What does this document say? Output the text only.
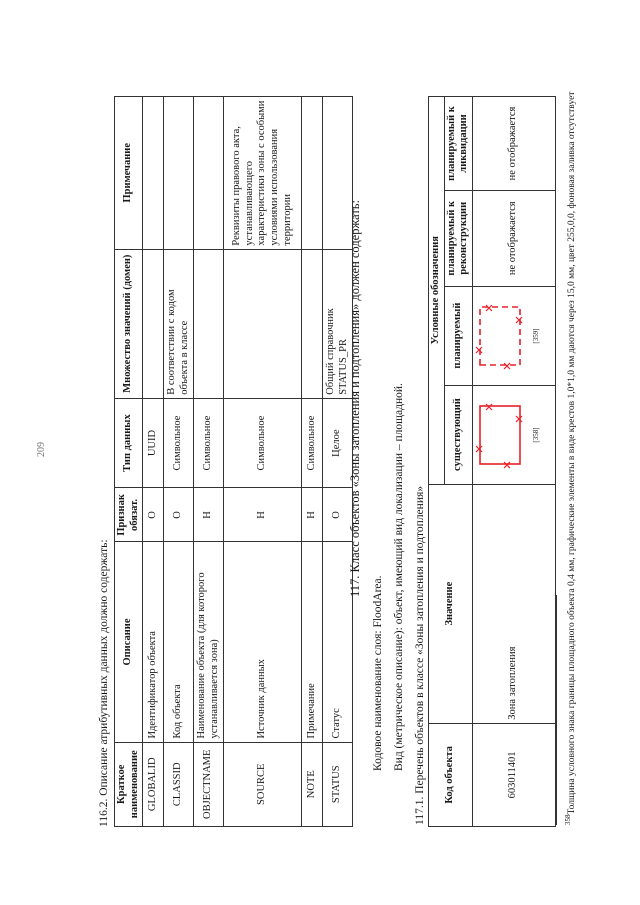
209
116.2. Описание атрибутивных данных должно содержать: Краткое наименование	Описание	Признак обязат.	Тип данных	Множество значений (домен)	Примечание
GLOBALID	Идентификатор объекта	О	UUID		
CLASSID	Код объекта	О	Символьное	В соответствии с кодом объекта в классе	
OBJECTNAME	Наименование объекта (для которого устанавливается зона)	Н	Символьное		
SOURCE	Источник данных	Н	Символьное		Реквизиты правового акта, устанавливающего характеристики зоны с особыми условиями использования территории
NOTE	Примечание	Н	Символьное		
STATUS	Статус	О	Целое	Общий справочник STATUS_PR	117. Класс объектов «Зоны затопления и подтопления» должен содержать:
Кодовое наименование слоя: FloodArea. Вид (метрическое описание): объект, имеющий вид локализации – площадной. 117.1. Перечень объектов в классе «Зоны затопления и подтопления» Код объекта	Значение	Условные обозначения			
		существующий	планируемый	планируемый к реконструкции	планируемый к ликвидации
603011401	Зона затопления	[358]	[359]	не отображается	не отображается
$^{358}$Толщина условного знака границы площадного объекта 0,4 мм, графические элементы в виде крестов 1,0*1,0 мм даются через 15,0 мм, цвет 255,0,0, фоновая заливка отсутствует
